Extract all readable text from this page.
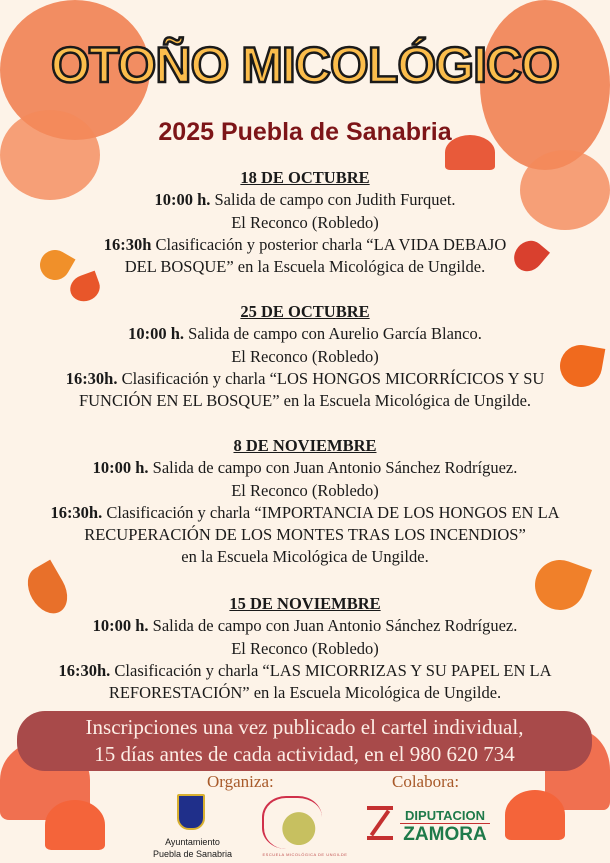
OTOÑO MICOLÓGICO
2025 Puebla de Sanabria
18 DE OCTUBRE
10:00 h. Salida de campo con Judith Furquet.
El Reconco (Robledo)
16:30h Clasificación y posterior charla “LA VIDA DEBAJO
DEL BOSQUE” en la Escuela Micológica de Ungilde.
25 DE OCTUBRE
10:00 h. Salida de campo con Aurelio García Blanco.
El Reconco (Robledo)
16:30h. Clasificación y charla “LOS HONGOS MICORRÍCICOS Y SU
FUNCIÓN EN EL BOSQUE” en la Escuela Micológica de Ungilde.
8 DE NOVIEMBRE
10:00 h. Salida de campo con Juan Antonio Sánchez Rodríguez.
El Reconco (Robledo)
16:30h. Clasificación y charla “IMPORTANCIA DE LOS HONGOS EN LA
RECUPERACIÓN DE LOS MONTES TRAS LOS INCENDIOS”
en la Escuela Micológica de Ungilde.
15 DE NOVIEMBRE
10:00 h. Salida de campo con Juan Antonio Sánchez Rodríguez.
El Reconco (Robledo)
16:30h. Clasificación y charla “LAS MICORRIZAS Y SU PAPEL EN LA
REFORESTACIÓN” en la Escuela Micológica de Ungilde.
Inscripciones una vez publicado el cartel individual,
15 días antes de cada actividad, en el 980 620 734
Organiza:	Colabora:
Ayuntamiento
Puebla de Sanabria	ESCUELA MICOLÓGICA DE UNGILDE
DIPUTACION
ZAMORA
